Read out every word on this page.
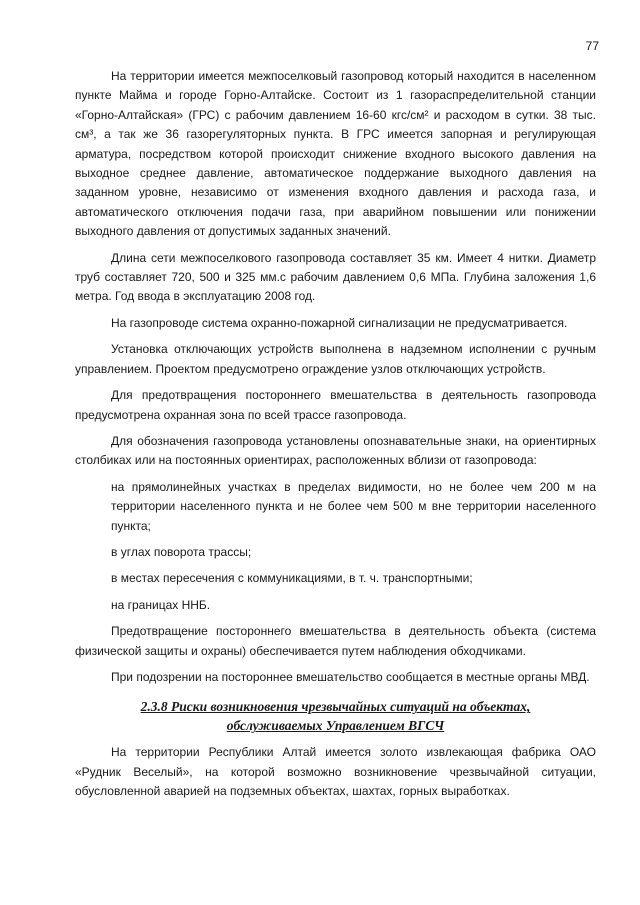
77

На территории имеется межпоселковый газопровод который находится в населенном пункте Майма и городе Горно-Алтайске. Состоит из 1 газораспределительной станции «Горно-Алтайская» (ГРС) с рабочим давлением 16-60 кгс/см² и расходом в сутки. 38 тыс. см³, а так же 36 газорегуляторных пункта. В ГРС имеется запорная и регулирующая арматура, посредством которой происходит снижение входного высокого давления на выходное среднее давление, автоматическое поддержание выходного давления на заданном уровне, независимо от изменения входного давления и расхода газа, и автоматического отключения подачи газа, при аварийном повышении или понижении выходного давления от допустимых заданных значений.

Длина сети межпоселкового газопровода составляет 35 км. Имеет 4 нитки. Диаметр труб составляет 720, 500 и 325 мм.с рабочим давлением 0,6 МПа. Глубина заложения 1,6 метра. Год ввода в эксплуатацию 2008 год.

На газопроводе система охранно-пожарной сигнализации не предусматривается.

Установка отключающих устройств выполнена в надземном исполнении с ручным управлением. Проектом предусмотрено ограждение узлов отключающих устройств.

Для предотвращения постороннего вмешательства в деятельность газопровода предусмотрена охранная зона по всей трассе газопровода.

Для обозначения газопровода установлены опознавательные знаки, на ориентирных столбиках или на постоянных ориентирах, расположенных вблизи от газопровода:

на прямолинейных участках в пределах видимости, но не более чем 200 м на территории населенного пункта и не более чем 500 м вне территории населенного пункта;

в углах поворота трассы;

в местах пересечения с коммуникациями, в т. ч. транспортными;

на границах ННБ.

Предотвращение постороннего вмешательства в деятельность объекта (система физической защиты и охраны) обеспечивается путем наблюдения обходчиками.

При подозрении на постороннее вмешательство сообщается в местные органы МВД.

2.3.8 Риски возникновения чрезвычайных ситуаций на объектах, обслуживаемых Управлением ВГСЧ

На территории Республики Алтай имеется золото извлекающая фабрика ОАО «Рудник Веселый», на которой возможно возникновение чрезвычайной ситуации, обусловленной аварией на подземных объектах, шахтах, горных выработках.
